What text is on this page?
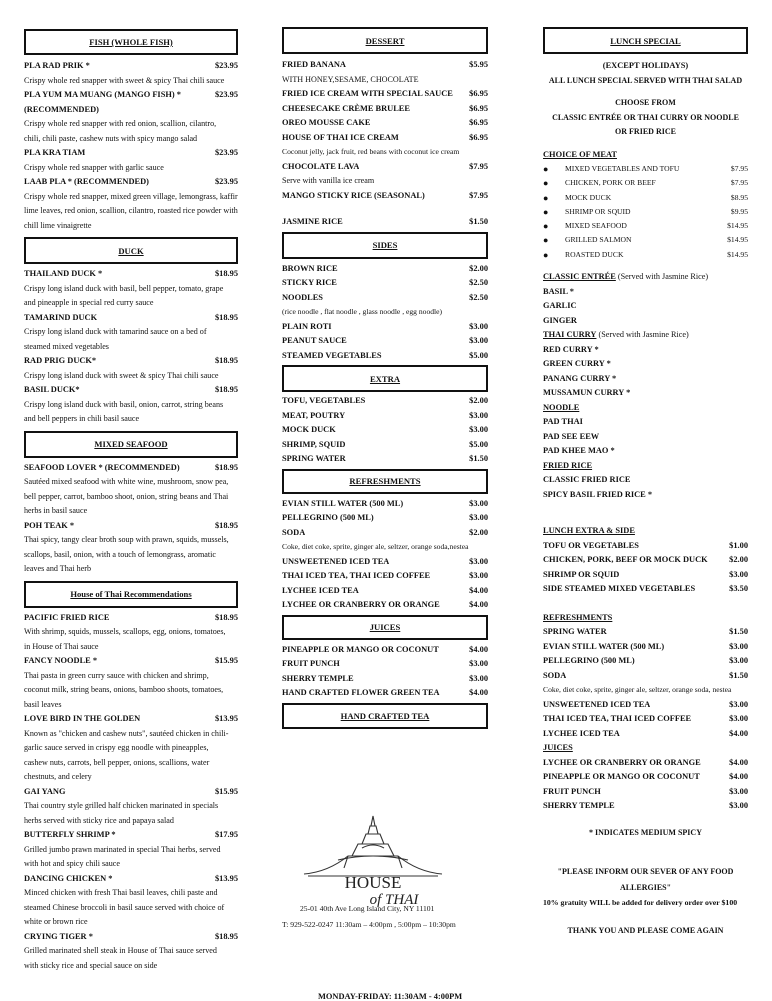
FISH (WHOLE FISH)
PLA RAD PRIK *	$23.95
Crispy whole red snapper with sweet & spicy Thai chili sauce
PLA YUM MA MUANG (MANGO FISH) *	$23.95
(RECOMMENDED)
Crispy whole red snapper with red onion, scallion, cilantro,
chili, chili paste, cashew nuts with spicy mango salad
PLA KRA TIAM	$23.95
Crispy whole red snapper with garlic sauce
LAAB PLA * (RECOMMENDED)	$23.95
Crispy whole red snapper, mixed green village, lemongrass, kaffir
lime leaves, red onion, scallion, cilantro, roasted rice powder with
chill lime vinaigrette
DUCK
THAILAND DUCK *	$18.95
Crispy long island duck with basil, bell pepper, tomato, grape
and pineapple in special red curry sauce
TAMARIND DUCK	$18.95
Crispy long island duck with tamarind sauce on a bed of
steamed mixed vegetables
RAD PRIG DUCK*	$18.95
Crispy long island duck with sweet & spicy Thai chili sauce
BASIL DUCK*	$18.95
Crispy long island duck with basil, onion, carrot, string beans
and bell peppers in chili basil sauce
MIXED SEAFOOD
SEAFOOD LOVER * (RECOMMENDED)	$18.95
Sautéed mixed seafood with white wine, mushroom, snow pea,
bell pepper, carrot, bamboo shoot, onion, string beans and Thai
herbs in basil sauce
POH TEAK *	$18.95
Thai spicy, tangy clear broth soup with prawn, squids, mussels,
scallops, basil, onion, with a touch of lemongrass, aromatic
leaves and Thai herb
House of Thai Recommendations
PACIFIC FRIED RICE	$18.95
With shrimp, squids, mussels, scallops, egg, onions, tomatoes,
in House of Thai sauce
FANCY NOODLE *	$15.95
Thai pasta in green curry sauce with chicken and shrimp,
coconut milk, string beans, onions, bamboo shoots, tomatoes,
basil leaves
LOVE BIRD IN THE GOLDEN	$13.95
Known as "chicken and cashew nuts", sautéed chicken in chili-
garlic sauce served in crispy egg noodle with pineapples,
cashew nuts, carrots, bell pepper, onions, scallions, water
chestnuts, and celery
GAI YANG	$15.95
Thai country style grilled half chicken marinated in specials
herbs served with sticky rice and papaya salad
BUTTERFLY SHRIMP *	$17.95
Grilled jumbo prawn marinated in special Thai herbs, served
with hot and spicy chili sauce
DANCING CHICKEN *	$13.95
Minced chicken with fresh Thai basil leaves, chili paste and
steamed Chinese broccoli in basil sauce served with choice of
white or brown rice
CRYING TIGER *	$18.95
Grilled marinated shell steak in House of Thai sauce served
with sticky rice and special sauce on side
DESSERT
FRIED BANANA	$5.95
WITH HONEY,SESAME, CHOCOLATE
FRIED ICE CREAM WITH SPECIAL SAUCE	$6.95
CHEESECAKE CRÈME BRULEE	$6.95
OREO MOUSSE CAKE	$6.95
HOUSE OF THAI ICE CREAM	$6.95
Coconut jelly, jack fruit, red beans with coconut ice cream
CHOCOLATE LAVA	$7.95
Serve with vanilla ice cream
MANGO STICKY RICE (SEASONAL)	$7.95
JASMINE RICE	$1.50
SIDES
BROWN RICE	$2.00
STICKY RICE	$2.50
NOODLES	$2.50
(rice noodle , flat noodle , glass noodle , egg noodle)
PLAIN ROTI	$3.00
PEANUT SAUCE	$3.00
STEAMED VEGETABLES	$5.00
EXTRA
TOFU, VEGETABLES	$2.00
MEAT, POUTRY	$3.00
MOCK DUCK	$3.00
SHRIMP, SQUID	$5.00
SPRING WATER	$1.50
REFRESHMENTS
EVIAN STILL WATER (500 ML)	$3.00
PELLEGRINO (500 ML)	$3.00
SODA	$2.00
Coke, diet coke, sprite, ginger ale, seltzer, orange soda,nestea
UNSWEETENED ICED TEA	$3.00
THAI ICED TEA, THAI ICED COFFEE	$3.00
LYCHEE ICED TEA	$4.00
LYCHEE OR CRANBERRY OR ORANGE	$4.00
JUICES
PINEAPPLE OR MANGO OR COCONUT	$4.00
FRUIT PUNCH	$3.00
SHERRY TEMPLE	$3.00
HAND CRAFTED FLOWER GREEN TEA	$4.00
HAND CRAFTED TEA
HOUSE
of THAI
25-01 40th Ave Long Island City, NY 11101
T: 929-522-0247 11:30am – 4:00pm , 5:00pm – 10:30pm
MONDAY-FRIDAY: 11:30AM - 4:00PM
LUNCH SPECIAL
(EXCEPT HOLIDAYS)
ALL LUNCH SPECIAL SERVED WITH THAI SALAD
CHOOSE FROM
CLASSIC ENTRÉE OR THAI CURRY OR NOODLE
OR FRIED RICE
CHOICE OF MEAT
●	MIXED VEGETABLES AND TOFU	$7.95
●	CHICKEN, PORK OR BEEF	$7.95
●	MOCK DUCK	$8.95
●	SHRIMP OR SQUID	$9.95
●	MIXED SEAFOOD	$14.95
●	GRILLED SALMON	$14.95
●	ROASTED DUCK	$14.95
CLASSIC ENTRÉE (Served with Jasmine Rice)
BASIL *
GARLIC
GINGER
THAI CURRY (Served with Jasmine Rice)
RED CURRY *
GREEN CURRY *
PANANG CURRY *
MUSSAMUN CURRY *
NOODLE
PAD THAI
PAD SEE EEW
PAD KHEE MAO *
FRIED RICE
CLASSIC FRIED RICE
SPICY BASIL FRIED RICE *
LUNCH EXTRA & SIDE
TOFU OR VEGETABLES	$1.00
CHICKEN, PORK, BEEF OR MOCK DUCK	$2.00
SHRIMP OR SQUID	$3.00
SIDE STEAMED MIXED VEGETABLES	$3.50
REFRESHMENTS
SPRING WATER	$1.50
EVIAN STILL WATER (500 ML)	$3.00
PELLEGRINO (500 ML)	$3.00
SODA	$1.50
Coke, diet coke, sprite, ginger ale, seltzer, orange soda, nestea
UNSWEETENED ICED TEA	$3.00
THAI ICED TEA, THAI ICED COFFEE	$3.00
LYCHEE ICED TEA	$4.00
JUICES
LYCHEE OR CRANBERRY OR ORANGE	$4.00
PINEAPPLE OR MANGO OR COCONUT	$4.00
FRUIT PUNCH	$3.00
SHERRY TEMPLE	$3.00
* INDICATES MEDIUM SPICY
"PLEASE INFORM OUR SEVER OF ANY FOOD
ALLERGIES"
10% gratuity WILL be added for delivery order over $100
THANK YOU AND PLEASE COME AGAIN
